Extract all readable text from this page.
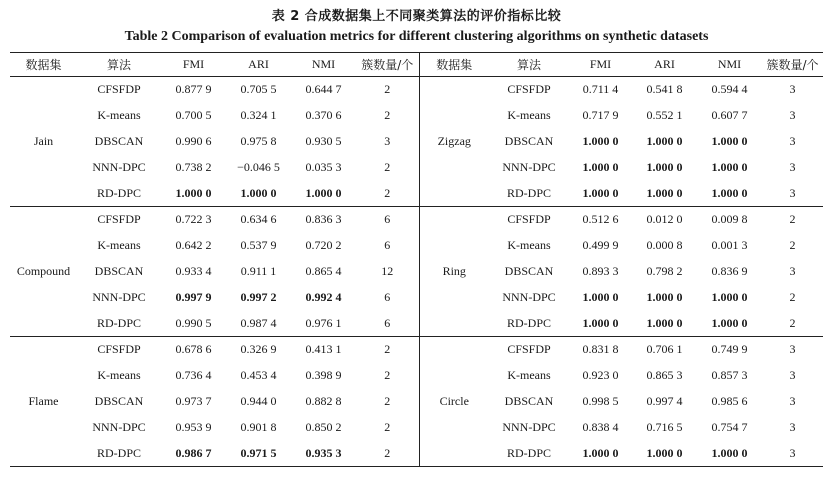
表 2 合成数据集上不同聚类算法的评价指标比较
Table 2 Comparison of evaluation metrics for different clustering algorithms on synthetic datasets
数据集	算法	FMI	ARI	NMI	簇数量/个	数据集	算法	FMI	ARI	NMI	簇数量/个
Jain	CFSFDP	0.877 9	0.705 5	0.644 7	2	Zigzag	CFSFDP	0.711 4	0.541 8	0.594 4	3
	K-means	0.700 5	0.324 1	0.370 6	2		K-means	0.717 9	0.552 1	0.607 7	3
	DBSCAN	0.990 6	0.975 8	0.930 5	3		DBSCAN	1.000 0	1.000 0	1.000 0	3
	NNN-DPC	0.738 2	−0.046 5	0.035 3	2		NNN-DPC	1.000 0	1.000 0	1.000 0	3
	RD-DPC	1.000 0	1.000 0	1.000 0	2		RD-DPC	1.000 0	1.000 0	1.000 0	3
Compound	CFSFDP	0.722 3	0.634 6	0.836 3	6	Ring	CFSFDP	0.512 6	0.012 0	0.009 8	2
	K-means	0.642 2	0.537 9	0.720 2	6		K-means	0.499 9	0.000 8	0.001 3	2
	DBSCAN	0.933 4	0.911 1	0.865 4	12		DBSCAN	0.893 3	0.798 2	0.836 9	3
	NNN-DPC	0.997 9	0.997 2	0.992 4	6		NNN-DPC	1.000 0	1.000 0	1.000 0	2
	RD-DPC	0.990 5	0.987 4	0.976 1	6		RD-DPC	1.000 0	1.000 0	1.000 0	2
Flame	CFSFDP	0.678 6	0.326 9	0.413 1	2	Circle	CFSFDP	0.831 8	0.706 1	0.749 9	3
	K-means	0.736 4	0.453 4	0.398 9	2		K-means	0.923 0	0.865 3	0.857 3	3
	DBSCAN	0.973 7	0.944 0	0.882 8	2		DBSCAN	0.998 5	0.997 4	0.985 6	3
	NNN-DPC	0.953 9	0.901 8	0.850 2	2		NNN-DPC	0.838 4	0.716 5	0.754 7	3
	RD-DPC	0.986 7	0.971 5	0.935 3	2		RD-DPC	1.000 0	1.000 0	1.000 0	3
